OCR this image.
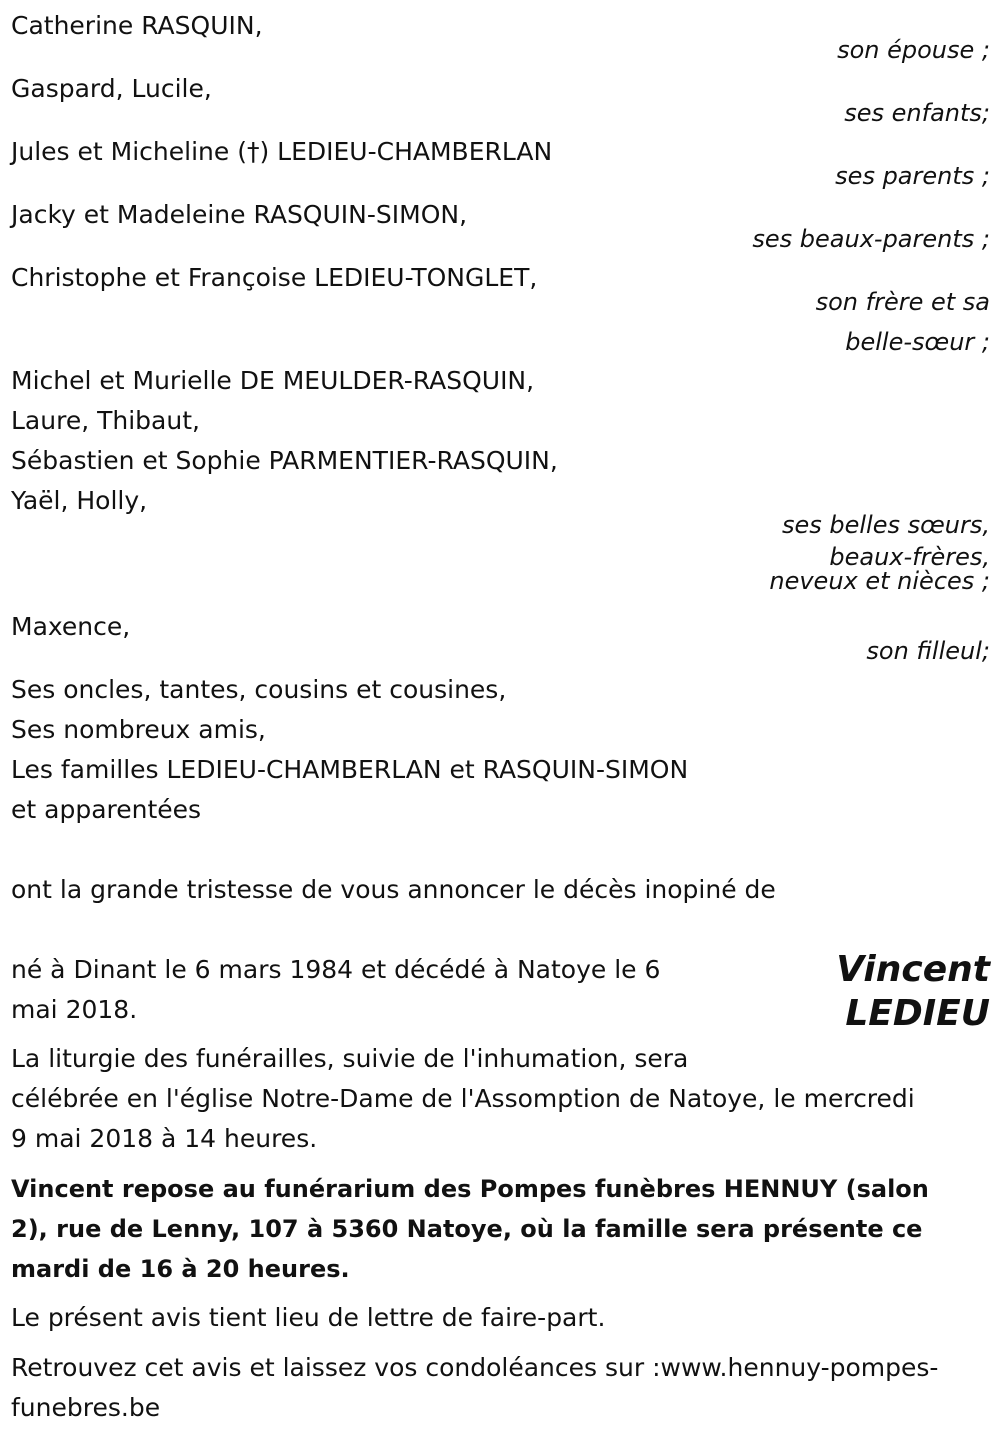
Catherine RASQUIN,
son épouse ;
Gaspard, Lucile,
ses enfants;
Jules et Micheline (†) LEDIEU-CHAMBERLAN
ses parents ;
Jacky et Madeleine RASQUIN-SIMON,
ses beaux-parents ;
Christophe et Françoise LEDIEU-TONGLET,
son frère et sa
belle-sœur ;
Michel et Murielle DE MEULDER-RASQUIN,
Laure, Thibaut,
Sébastien et Sophie PARMENTIER-RASQUIN,
Yaël, Holly,
ses belles sœurs,
beaux-frères,
neveux et nièces ;
Maxence,
son filleul;
Ses oncles, tantes, cousins et cousines,
Ses nombreux amis,
Les familles LEDIEU-CHAMBERLAN et RASQUIN-SIMON
et apparentées
ont la grande tristesse de vous annoncer le décès inopiné de
Vincent
LEDIEU
né à Dinant le 6 mars 1984 et décédé à Natoye le 6
mai 2018.
La liturgie des funérailles, suivie de l'inhumation, sera
célébrée en l'église Notre-Dame de l'Assomption de Natoye, le mercredi
9 mai 2018 à 14 heures.
Vincent repose au funérarium des Pompes funèbres HENNUY (salon
2), rue de Lenny, 107 à 5360 Natoye, où la famille sera présente ce
mardi de 16 à 20 heures.
Le présent avis tient lieu de lettre de faire-part.
Retrouvez cet avis et laissez vos condoléances sur :www.hennuy-pompes-
funebres.be
